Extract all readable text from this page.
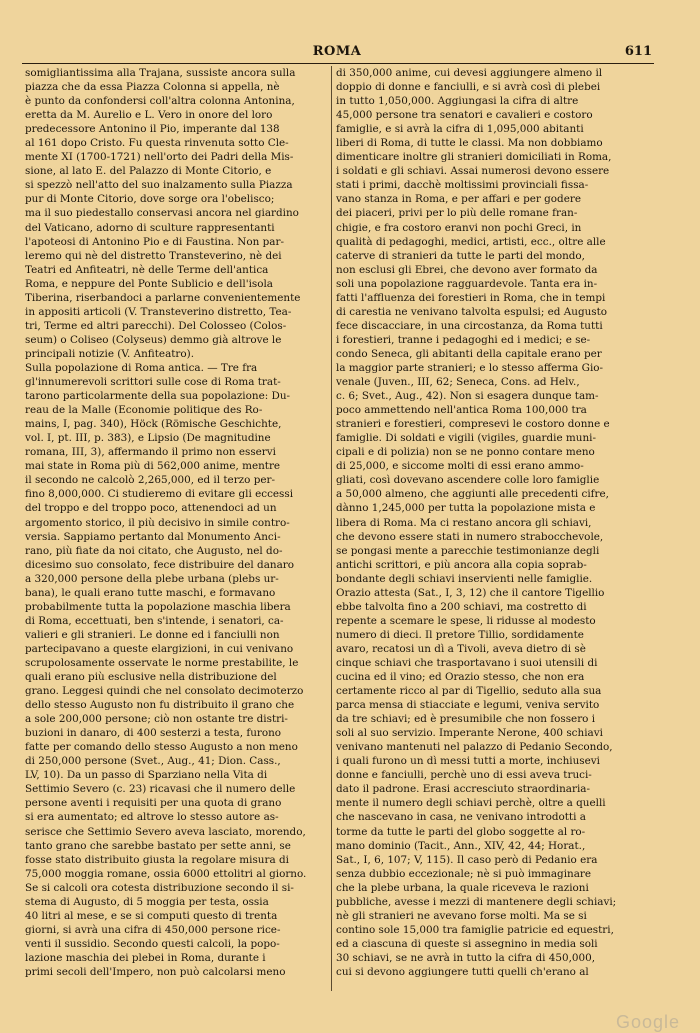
ROMA	611
somigliantissima alla Trajana, sussiste ancora sulla
piazza che da essa Piazza Colonna si appella, nè
è punto da confondersi coll'altra colonna Antonina,
eretta da M. Aurelio e L. Vero in onore del loro
predecessore Antonino il Pio, imperante dal 138
al 161 dopo Cristo. Fu questa rinvenuta sotto Cle-
mente XI (1700-1721) nell'orto dei Padri della Mis-
sione, al lato E. del Palazzo di Monte Citorio, e
si spezzò nell'atto del suo inalzamento sulla Piazza
pur di Monte Citorio, dove sorge ora l'obelisco;
ma il suo piedestallo conservasi ancora nel giardino
del Vaticano, adorno di sculture rappresentanti
l'apoteosi di Antonino Pio e di Faustina. Non par-
leremo qui nè del distretto Transteverino, nè dei
Teatri ed Anfiteatri, nè delle Terme dell'antica
Roma, e neppure del Ponte Sublicio e dell'isola
Tiberina, riserbandoci a parlarne convenientemente
in appositi articoli (V. Transteverino distretto, Tea-
tri, Terme ed altri parecchi). Del Colosseo (Colos-
seum) o Coliseo (Colyseus) demmo già altrove le
principali notizie (V. Anfiteatro).
Sulla popolazione di Roma antica. — Tre fra
gl'innumerevoli scrittori sulle cose di Roma trat-
tarono particolarmente della sua popolazione: Du-
reau de la Malle (Economie politique des Ro-
mains, I, pag. 340), Höck (Römische Geschichte,
vol. I, pt. III, p. 383), e Lipsio (De magnitudine
romana, III, 3), affermando il primo non esservi
mai state in Roma più di 562,000 anime, mentre
il secondo ne calcolò 2,265,000, ed il terzo per-
fino 8,000,000. Ci studieremo di evitare gli eccessi
del troppo e del troppo poco, attenendoci ad un
argomento storico, il più decisivo in simile contro-
versia. Sappiamo pertanto dal Monumento Anci-
rano, più fiate da noi citato, che Augusto, nel do-
dicesimo suo consolato, fece distribuire del danaro
a 320,000 persone della plebe urbana (plebs ur-
bana), le quali erano tutte maschi, e formavano
probabilmente tutta la popolazione maschia libera
di Roma, eccettuati, ben s'intende, i senatori, ca-
valieri e gli stranieri. Le donne ed i fanciulli non
partecipavano a queste elargizioni, in cui venivano
scrupolosamente osservate le norme prestabilite, le
quali erano più esclusive nella distribuzione del
grano. Leggesi quindi che nel consolato decimoterzo
dello stesso Augusto non fu distribuito il grano che
a sole 200,000 persone; ciò non ostante tre distri-
buzioni in danaro, di 400 sesterzi a testa, furono
fatte per comando dello stesso Augusto a non meno
di 250,000 persone (Svet., Aug., 41; Dion. Cass.,
LV, 10). Da un passo di Sparziano nella Vita di
Settimio Severo (c. 23) ricavasi che il numero delle
persone aventi i requisiti per una quota di grano
si era aumentato; ed altrove lo stesso autore as-
serisce che Settimio Severo aveva lasciato, morendo,
tanto grano che sarebbe bastato per sette anni, se
fosse stato distribuito giusta la regolare misura di
75,000 moggia romane, ossia 6000 ettolitri al giorno.
Se si calcoli ora cotesta distribuzione secondo il si-
stema di Augusto, di 5 moggia per testa, ossia
40 litri al mese, e se si computi questo di trenta
giorni, si avrà una cifra di 450,000 persone rice-
venti il sussidio. Secondo questi calcoli, la popo-
lazione maschia dei plebei in Roma, durante i
primi secoli dell'Impero, non può calcolarsi meno
di 350,000 anime, cui devesi aggiungere almeno il
doppio di donne e fanciulli, e si avrà così di plebei
in tutto 1,050,000. Aggiungasi la cifra di altre
45,000 persone tra senatori e cavalieri e costoro
famiglie, e si avrà la cifra di 1,095,000 abitanti
liberi di Roma, di tutte le classi. Ma non dobbiamo
dimenticare inoltre gli stranieri domiciliati in Roma,
i soldati e gli schiavi. Assai numerosi devono essere
stati i primi, dacchè moltissimi provinciali fissa-
vano stanza in Roma, e per affari e per godere
dei piaceri, privi per lo più delle romane fran-
chigie, e fra costoro eranvi non pochi Greci, in
qualità di pedagoghi, medici, artisti, ecc., oltre alle
caterve di stranieri da tutte le parti del mondo,
non esclusi gli Ebrei, che devono aver formato da
soli una popolazione ragguardevole. Tanta era in-
fatti l'affluenza dei forestieri in Roma, che in tempi
di carestia ne venivano talvolta espulsi; ed Augusto
fece discacciare, in una circostanza, da Roma tutti
i forestieri, tranne i pedagoghi ed i medici; e se-
condo Seneca, gli abitanti della capitale erano per
la maggior parte stranieri; e lo stesso afferma Gio-
venale (Juven., III, 62; Seneca, Cons. ad Helv.,
c. 6; Svet., Aug., 42). Non si esagera dunque tam-
poco ammettendo nell'antica Roma 100,000 tra
stranieri e forestieri, compresevi le costoro donne e
famiglie. Di soldati e vigili (vigiles, guardie muni-
cipali e di polizia) non se ne ponno contare meno
di 25,000, e siccome molti di essi erano ammo-
gliati, così dovevano ascendere colle loro famiglie
a 50,000 almeno, che aggiunti alle precedenti cifre,
dànno 1,245,000 per tutta la popolazione mista e
libera di Roma. Ma ci restano ancora gli schiavi,
che devono essere stati in numero strabocchevole,
se pongasi mente a parecchie testimonianze degli
antichi scrittori, e più ancora alla copia soprab-
bondante degli schiavi inservienti nelle famiglie.
Orazio attesta (Sat., I, 3, 12) che il cantore Tigellio
ebbe talvolta fino a 200 schiavi, ma costretto di
repente a scemare le spese, li ridusse al modesto
numero di dieci. Il pretore Tillio, sordidamente
avaro, recatosi un dì a Tivoli, aveva dietro di sè
cinque schiavi che trasportavano i suoi utensili di
cucina ed il vino; ed Orazio stesso, che non era
certamente ricco al par di Tigellio, seduto alla sua
parca mensa di stiacciate e legumi, veniva servito
da tre schiavi; ed è presumibile che non fossero i
soli al suo servizio. Imperante Nerone, 400 schiavi
venivano mantenuti nel palazzo di Pedanio Secondo,
i quali furono un dì messi tutti a morte, inchiusevi
donne e fanciulli, perchè uno di essi aveva truci-
dato il padrone. Erasi accresciuto straordinaria-
mente il numero degli schiavi perchè, oltre a quelli
che nascevano in casa, ne venivano introdotti a
torme da tutte le parti del globo soggette al ro-
mano dominio (Tacit., Ann., XIV, 42, 44; Horat.,
Sat., I, 6, 107; V, 115). Il caso però di Pedanio era
senza dubbio eccezionale; nè si può immaginare
che la plebe urbana, la quale riceveva le razioni
pubbliche, avesse i mezzi di mantenere degli schiavi;
nè gli stranieri ne avevano forse molti. Ma se si
contino sole 15,000 tra famiglie patricie ed equestri,
ed a ciascuna di queste si assegnino in media soli
30 schiavi, se ne avrà in tutto la cifra di 450,000,
cui si devono aggiungere tutti quelli ch'erano al
Google
